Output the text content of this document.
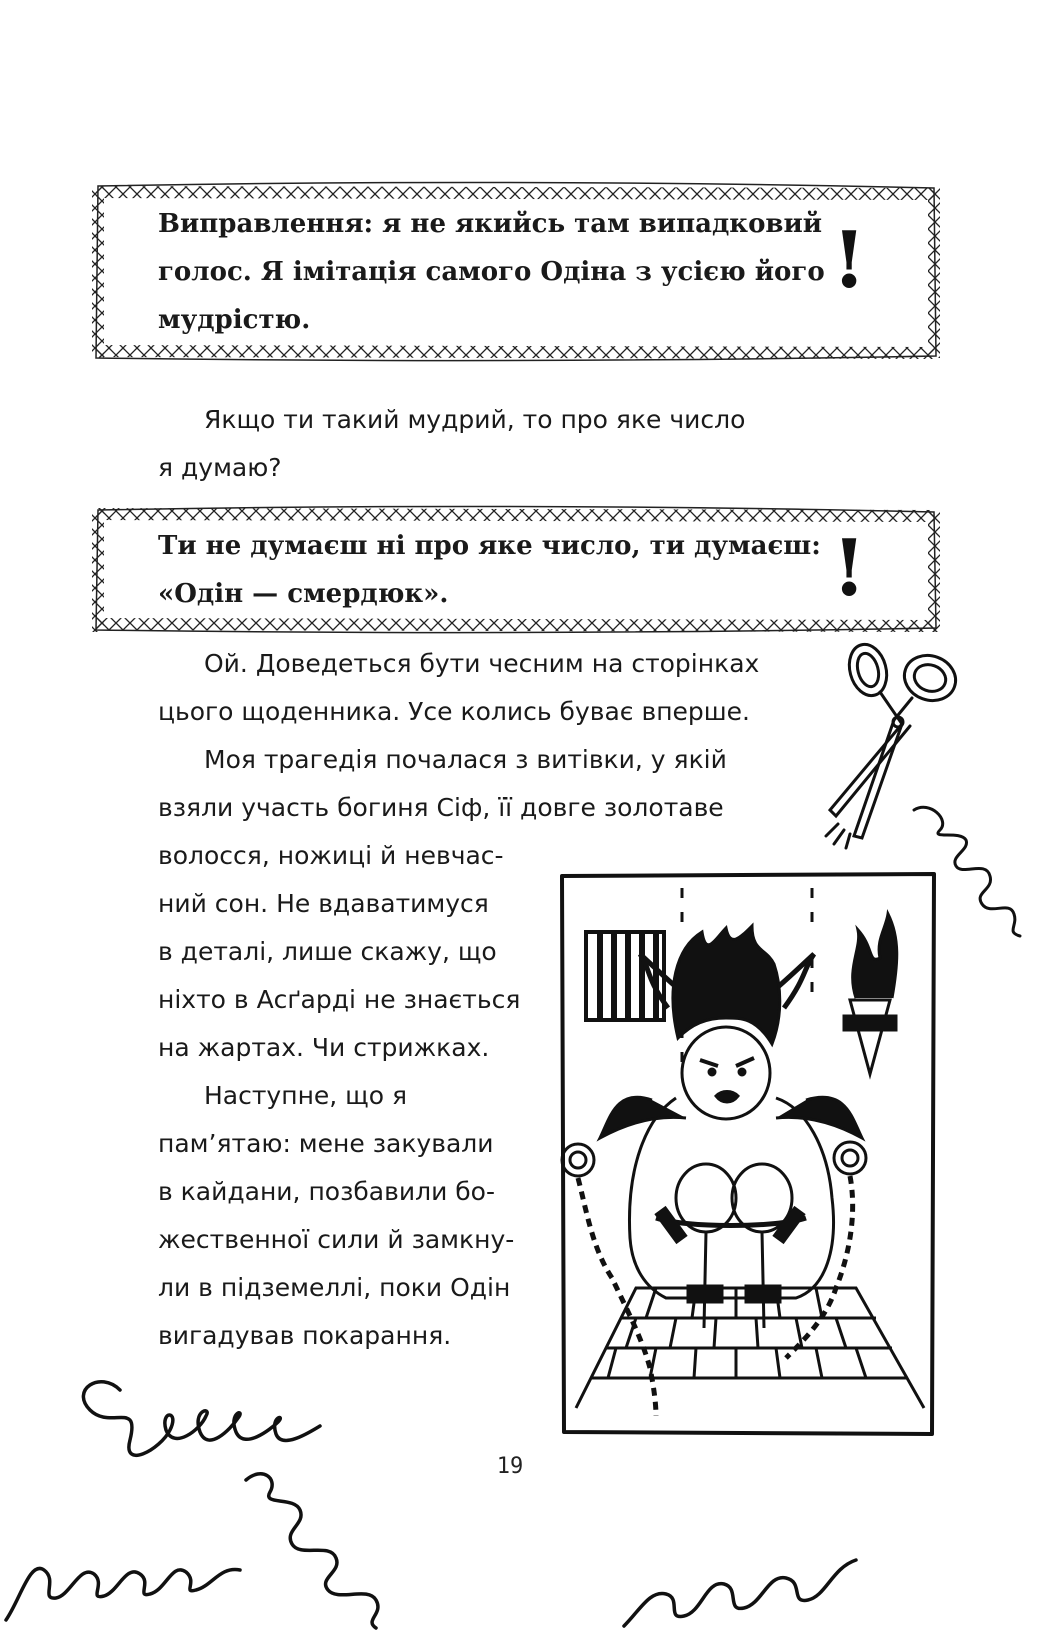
Виправлення: я не якийсь там випадковий
голос. Я імітація самого Одіна з усією його
мудрістю.
!

Якщо ти такий мудрий, то про яке число
я думаю?

Ти не думаєш ні про яке число, ти думаєш:
«Одін — смердюк».	!

Ой. Доведеться бути чесним на сторінках
цього щоденника. Усе колись буває вперше.

Моя трагедія почалася з витівки, у якій
взяли участь богиня Сіф, її довге золотаве

волосся, ножиці й невчас-
ний сон. Не вдаватимуся
в деталі, лише скажу, що
ніхто в Асґарді не знається
на жартах. Чи стрижках.

Наступне, що я
пам’ятаю: мене закували
в кайдани, позбавили бо-
жественної сили й замкну-
ли в підземеллі, поки Одін
вигадував покарання.

19
